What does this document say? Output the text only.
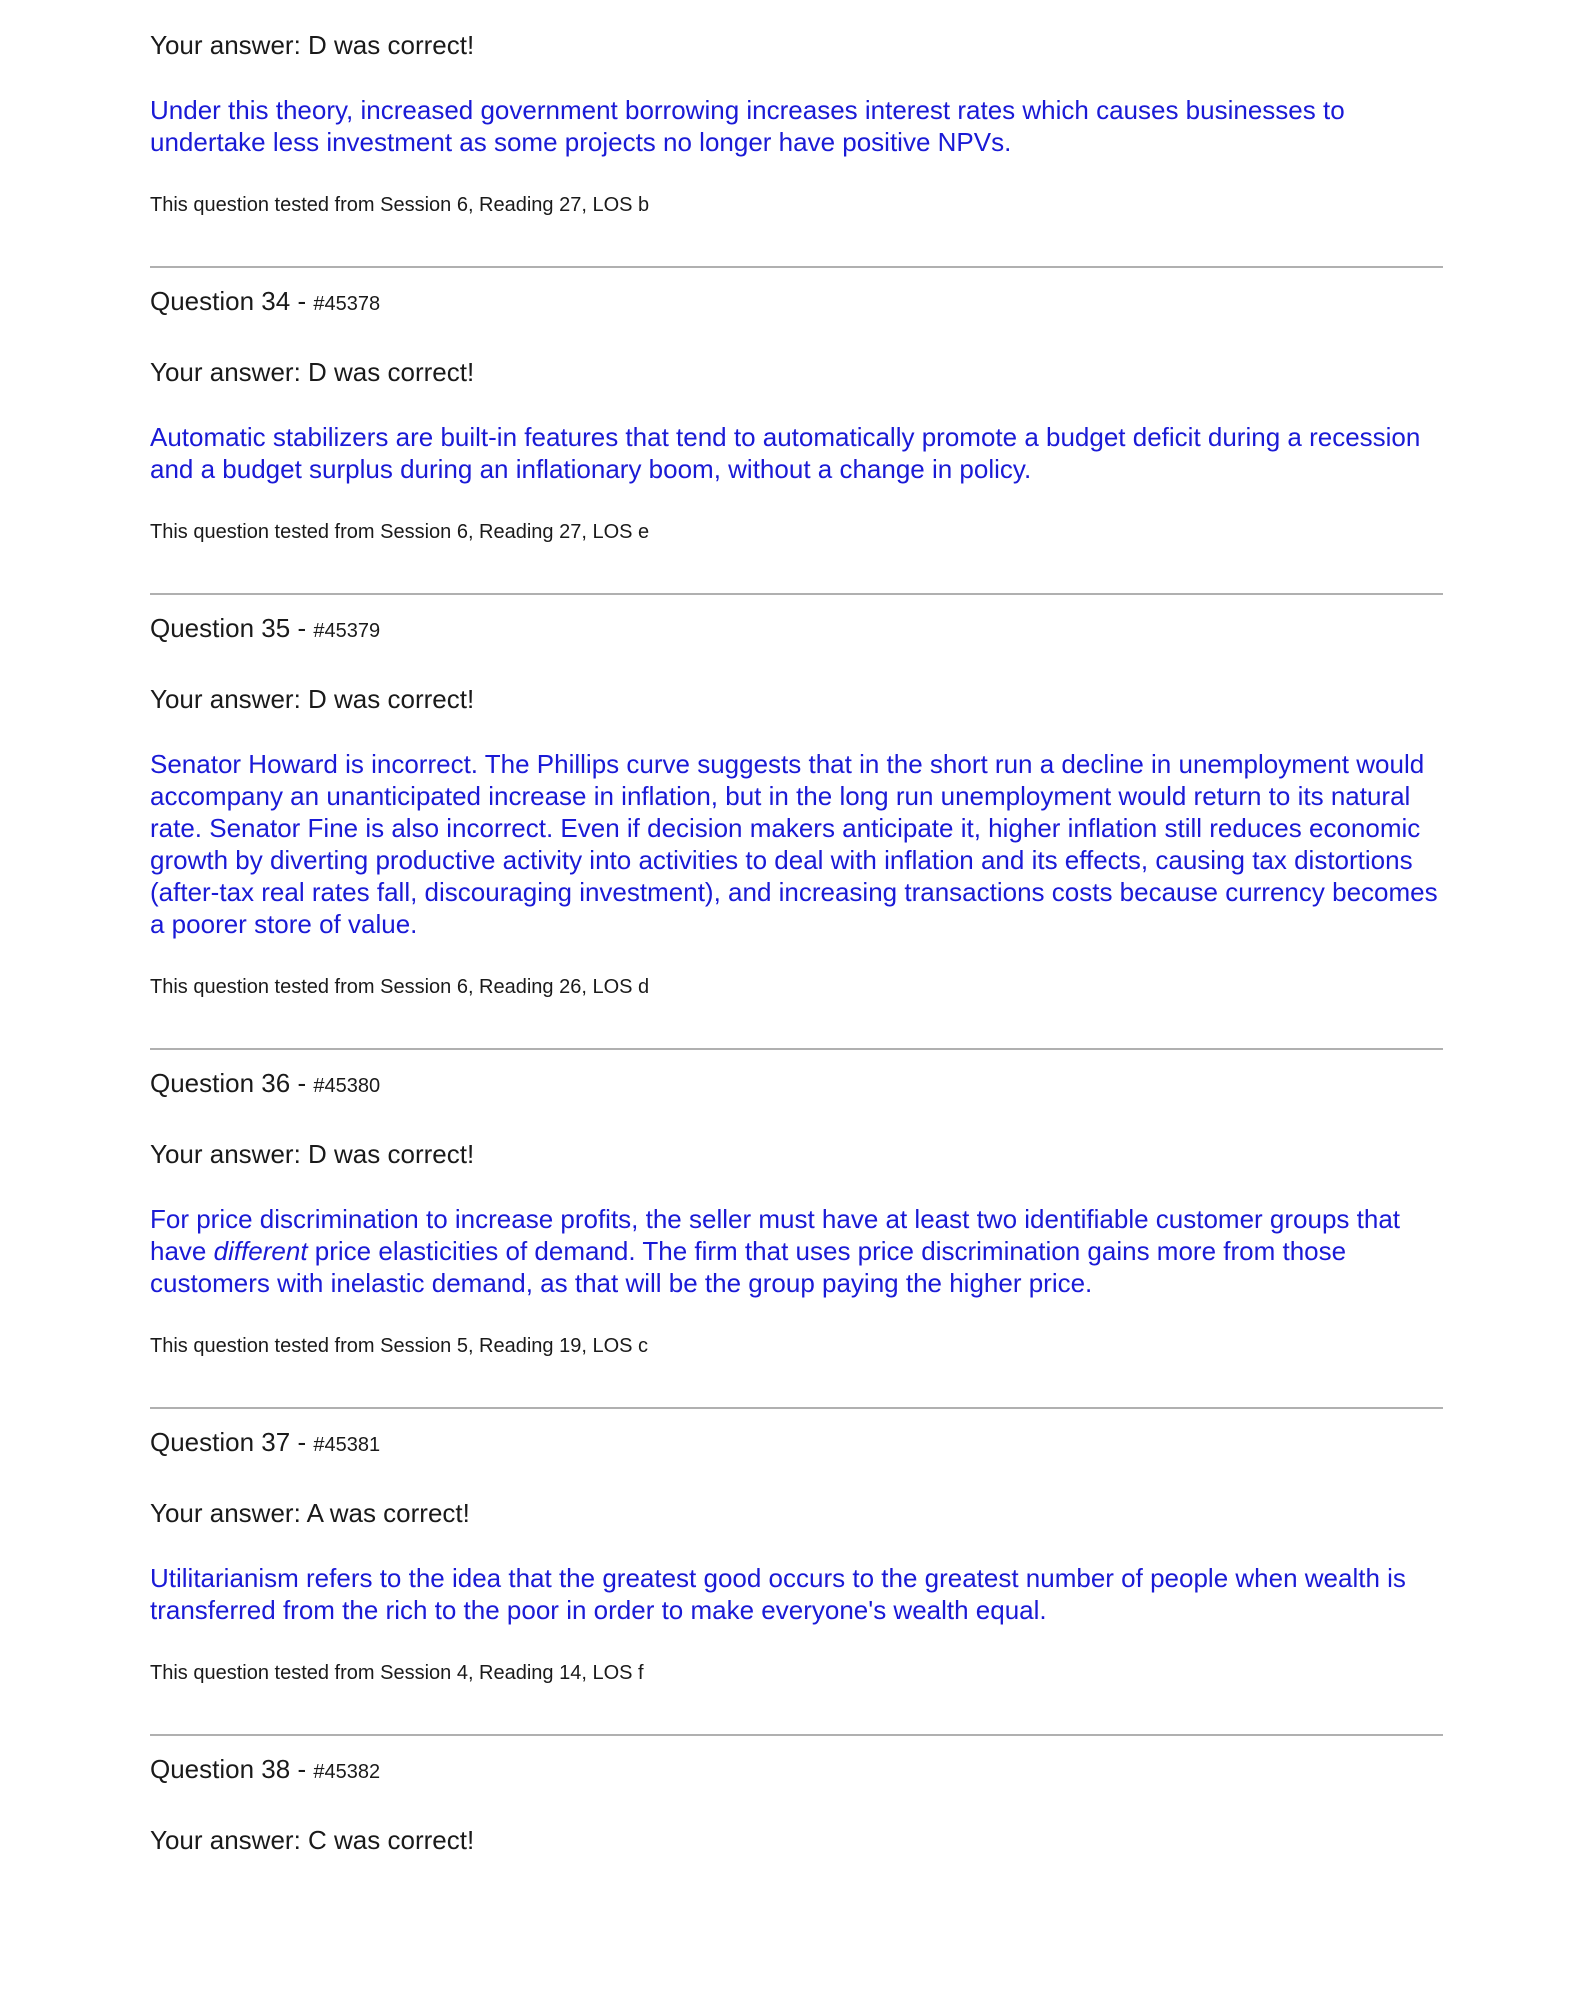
Your answer: D was correct!

Under this theory, increased government borrowing increases interest rates which causes businesses to undertake less investment as some projects no longer have positive NPVs.

This question tested from Session 6, Reading 27, LOS b

Question 34 - #45378

Your answer: D was correct!

Automatic stabilizers are built-in features that tend to automatically promote a budget deficit during a recession and a budget surplus during an inflationary boom, without a change in policy.

This question tested from Session 6, Reading 27, LOS e

Question 35 - #45379

Your answer: D was correct!

Senator Howard is incorrect. The Phillips curve suggests that in the short run a decline in unemployment would accompany an unanticipated increase in inflation, but in the long run unemployment would return to its natural rate. Senator Fine is also incorrect. Even if decision makers anticipate it, higher inflation still reduces economic growth by diverting productive activity into activities to deal with inflation and its effects, causing tax distortions (after-tax real rates fall, discouraging investment), and increasing transactions costs because currency becomes a poorer store of value.

This question tested from Session 6, Reading 26, LOS d

Question 36 - #45380

Your answer: D was correct!

For price discrimination to increase profits, the seller must have at least two identifiable customer groups that have different price elasticities of demand. The firm that uses price discrimination gains more from those customers with inelastic demand, as that will be the group paying the higher price.

This question tested from Session 5, Reading 19, LOS c

Question 37 - #45381

Your answer: A was correct!

Utilitarianism refers to the idea that the greatest good occurs to the greatest number of people when wealth is transferred from the rich to the poor in order to make everyone's wealth equal.

This question tested from Session 4, Reading 14, LOS f

Question 38 - #45382

Your answer: C was correct!
